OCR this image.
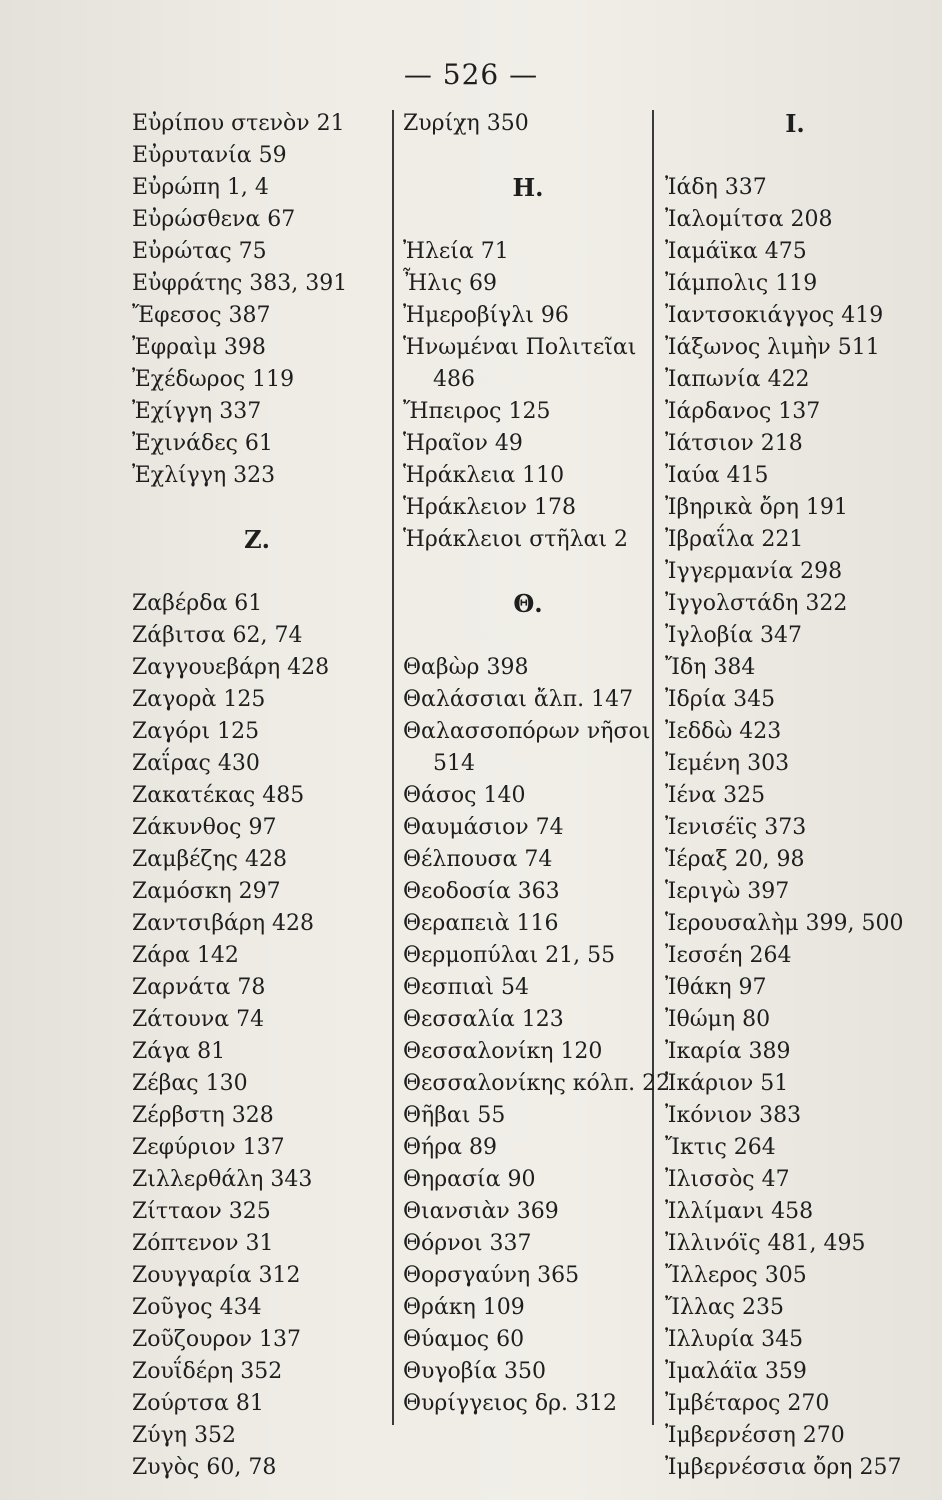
— 526 —
Εὐρίπου στενὸν 21
Εὐρυτανία 59
Εὐρώπη 1, 4
Εὐρώσθενα 67
Εὐρώτας 75
Εὐφράτης 383, 391
Ἔφεσος 387
Ἐφραὶμ 398
Ἐχέδωρος 119
Ἐχίγγη 337
Ἐχινάδες 61
Ἐχλίγγη 323
Ζ.
Ζαβέρδα 61
Ζάβιτσα 62, 74
Ζαγγουεβάρη 428
Ζαγορὰ 125
Ζαγόρι 125
Ζαΐρας 430
Ζακατέκας 485
Ζάκυνθος 97
Ζαμβέζης 428
Ζαμόσκη 297
Ζαντσιβάρη 428
Ζάρα 142
Ζαρνάτα 78
Ζάτουνα 74
Ζάγα 81
Ζέβας 130
Ζέρβστη 328
Ζεφύριον 137
Ζιλλερθάλη 343
Ζίτταον 325
Ζόπτενον 31
Ζουγγαρία 312
Ζοῦγος 434
Ζοῦζουρον 137
Ζουΐδέρη 352
Ζούρτσα 81
Ζύγη 352
Ζυγὸς 60, 78
Ζυρίχη 350
Η.
Ἠλεία 71
Ἦλις 69
Ἠμεροβίγλι 96
Ἡνωμέναι Πολιτεῖαι
486
Ἤπειρος 125
Ἡραῖον 49
Ἡράκλεια 110
Ἡράκλειον 178
Ἡράκλειοι στῆλαι 2
Θ.
Θαβὼρ 398
Θαλάσσιαι ἄλπ. 147
Θαλασσοπόρων νῆσοι
514
Θάσος 140
Θαυμάσιον 74
Θέλπουσα 74
Θεοδοσία 363
Θεραπειὰ 116
Θερμοπύλαι 21, 55
Θεσπιαὶ 54
Θεσσαλία 123
Θεσσαλονίκη 120
Θεσσαλονίκης κόλπ. 22
Θῆβαι 55
Θήρα 89
Θηρασία 90
Θιανσιὰν 369
Θόρνοι 337
Θορσγαύνη 365
Θράκη 109
Θύαμος 60
Θυγοβία 350
Θυρίγγειος δρ. 312
Ι.
Ἰάδη 337
Ἰαλομίτσα 208
Ἰαμάϊκα 475
Ἰάμπολις 119
Ἰαντσοκιάγγος 419
Ἰάξωνος λιμὴν 511
Ἰαπωνία 422
Ἰάρδανος 137
Ἰάτσιον 218
Ἰαύα 415
Ἰβηρικὰ ὄρη 191
Ἰβραΐλα 221
Ἰγγερμανία 298
Ἰγγολστάδη 322
Ἰγλοβία 347
Ἴδη 384
Ἰδρία 345
Ἰεδδὼ 423
Ἰεμένη 303
Ἰένα 325
Ἰενισέϊς 373
Ἱέραξ 20, 98
Ἱεριγὼ 397
Ἱερουσαλὴμ 399, 500
Ἰεσσέη 264
Ἰθάκη 97
Ἰθώμη 80
Ἰκαρία 389
Ἰκάριον 51
Ἰκόνιον 383
Ἴκτις 264
Ἰλισσὸς 47
Ἰλλίμανι 458
Ἰλλινόϊς 481, 495
Ἴλλερος 305
Ἴλλας 235
Ἰλλυρία 345
Ἰμαλάϊα 359
Ἰμβέταρος 270
Ἰμβερνέσση 270
Ἰμβερνέσσια ὄρη 257
